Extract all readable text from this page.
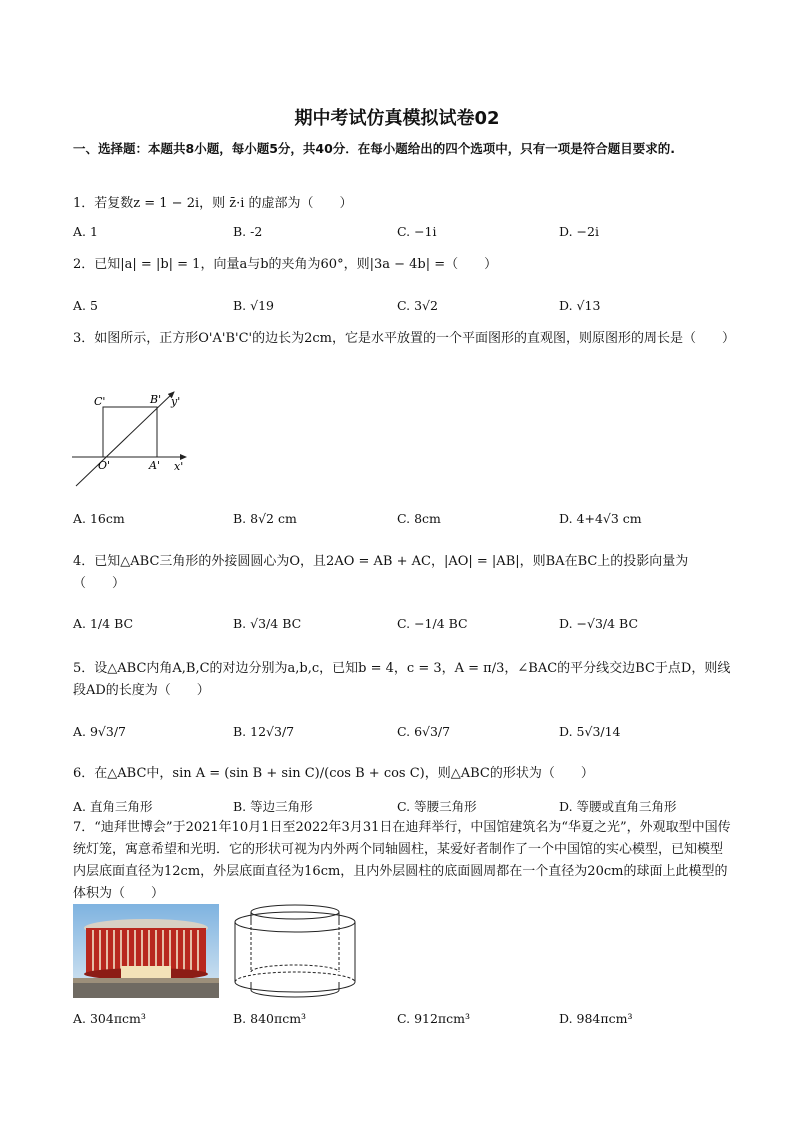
期中考试仿真模拟试卷02
一、选择题：本题共8小题，每小题5分，共40分．在每小题给出的四个选项中，只有一项是符合题目要求的.
1．若复数z = 1 − 2i，则 z̄·i 的虚部为（　　）
A. 1	B. -2	C. −1i	D. −2i
2．已知|a| = |b| = 1，向量a与b的夹角为60°，则|3a − 4b| =（　　）
A. 5	B. √19	C. 3√2	D. √13
3．如图所示，正方形O'A'B'C'的边长为2cm，它是水平放置的一个平面图形的直观图，则原图形的周长是（　　）
C'	B' y'
O'	A' x'
A. 16cm	B. 8√2 cm	C. 8cm	D. 4+4√3 cm
4．已知△ABC三角形的外接圆圆心为O，且2AO = AB + AC，|AO| = |AB|，则BA在BC上的投影向量为（　　）
A. 1/4 BC	B. √3/4 BC	C. −1/4 BC	D. −√3/4 BC
5．设△ABC内角A,B,C的对边分别为a,b,c，已知b = 4，c = 3，A = π/3，∠BAC的平分线交边BC于点D，则线段AD的长度为（　　）
A. 9√3/7	B. 12√3/7	C. 6√3/7	D. 5√3/14
6．在△ABC中，sin A = (sin B + sin C)/(cos B + cos C)，则△ABC的形状为（　　）
A. 直角三角形	B. 等边三角形	C. 等腰三角形	D. 等腰或直角三角形
7．“迪拜世博会”于2021年10月1日至2022年3月31日在迪拜举行，中国馆建筑名为“华夏之光”，外观取型中国传统灯笼，寓意希望和光明．它的形状可视为内外两个同轴圆柱，某爱好者制作了一个中国馆的实心模型，已知模型内层底面直径为12cm，外层底面直径为16cm，且内外层圆柱的底面圆周都在一个直径为20cm的球面上此模型的体积为（　　）
A. 304πcm³	B. 840πcm³	C. 912πcm³	D. 984πcm³
